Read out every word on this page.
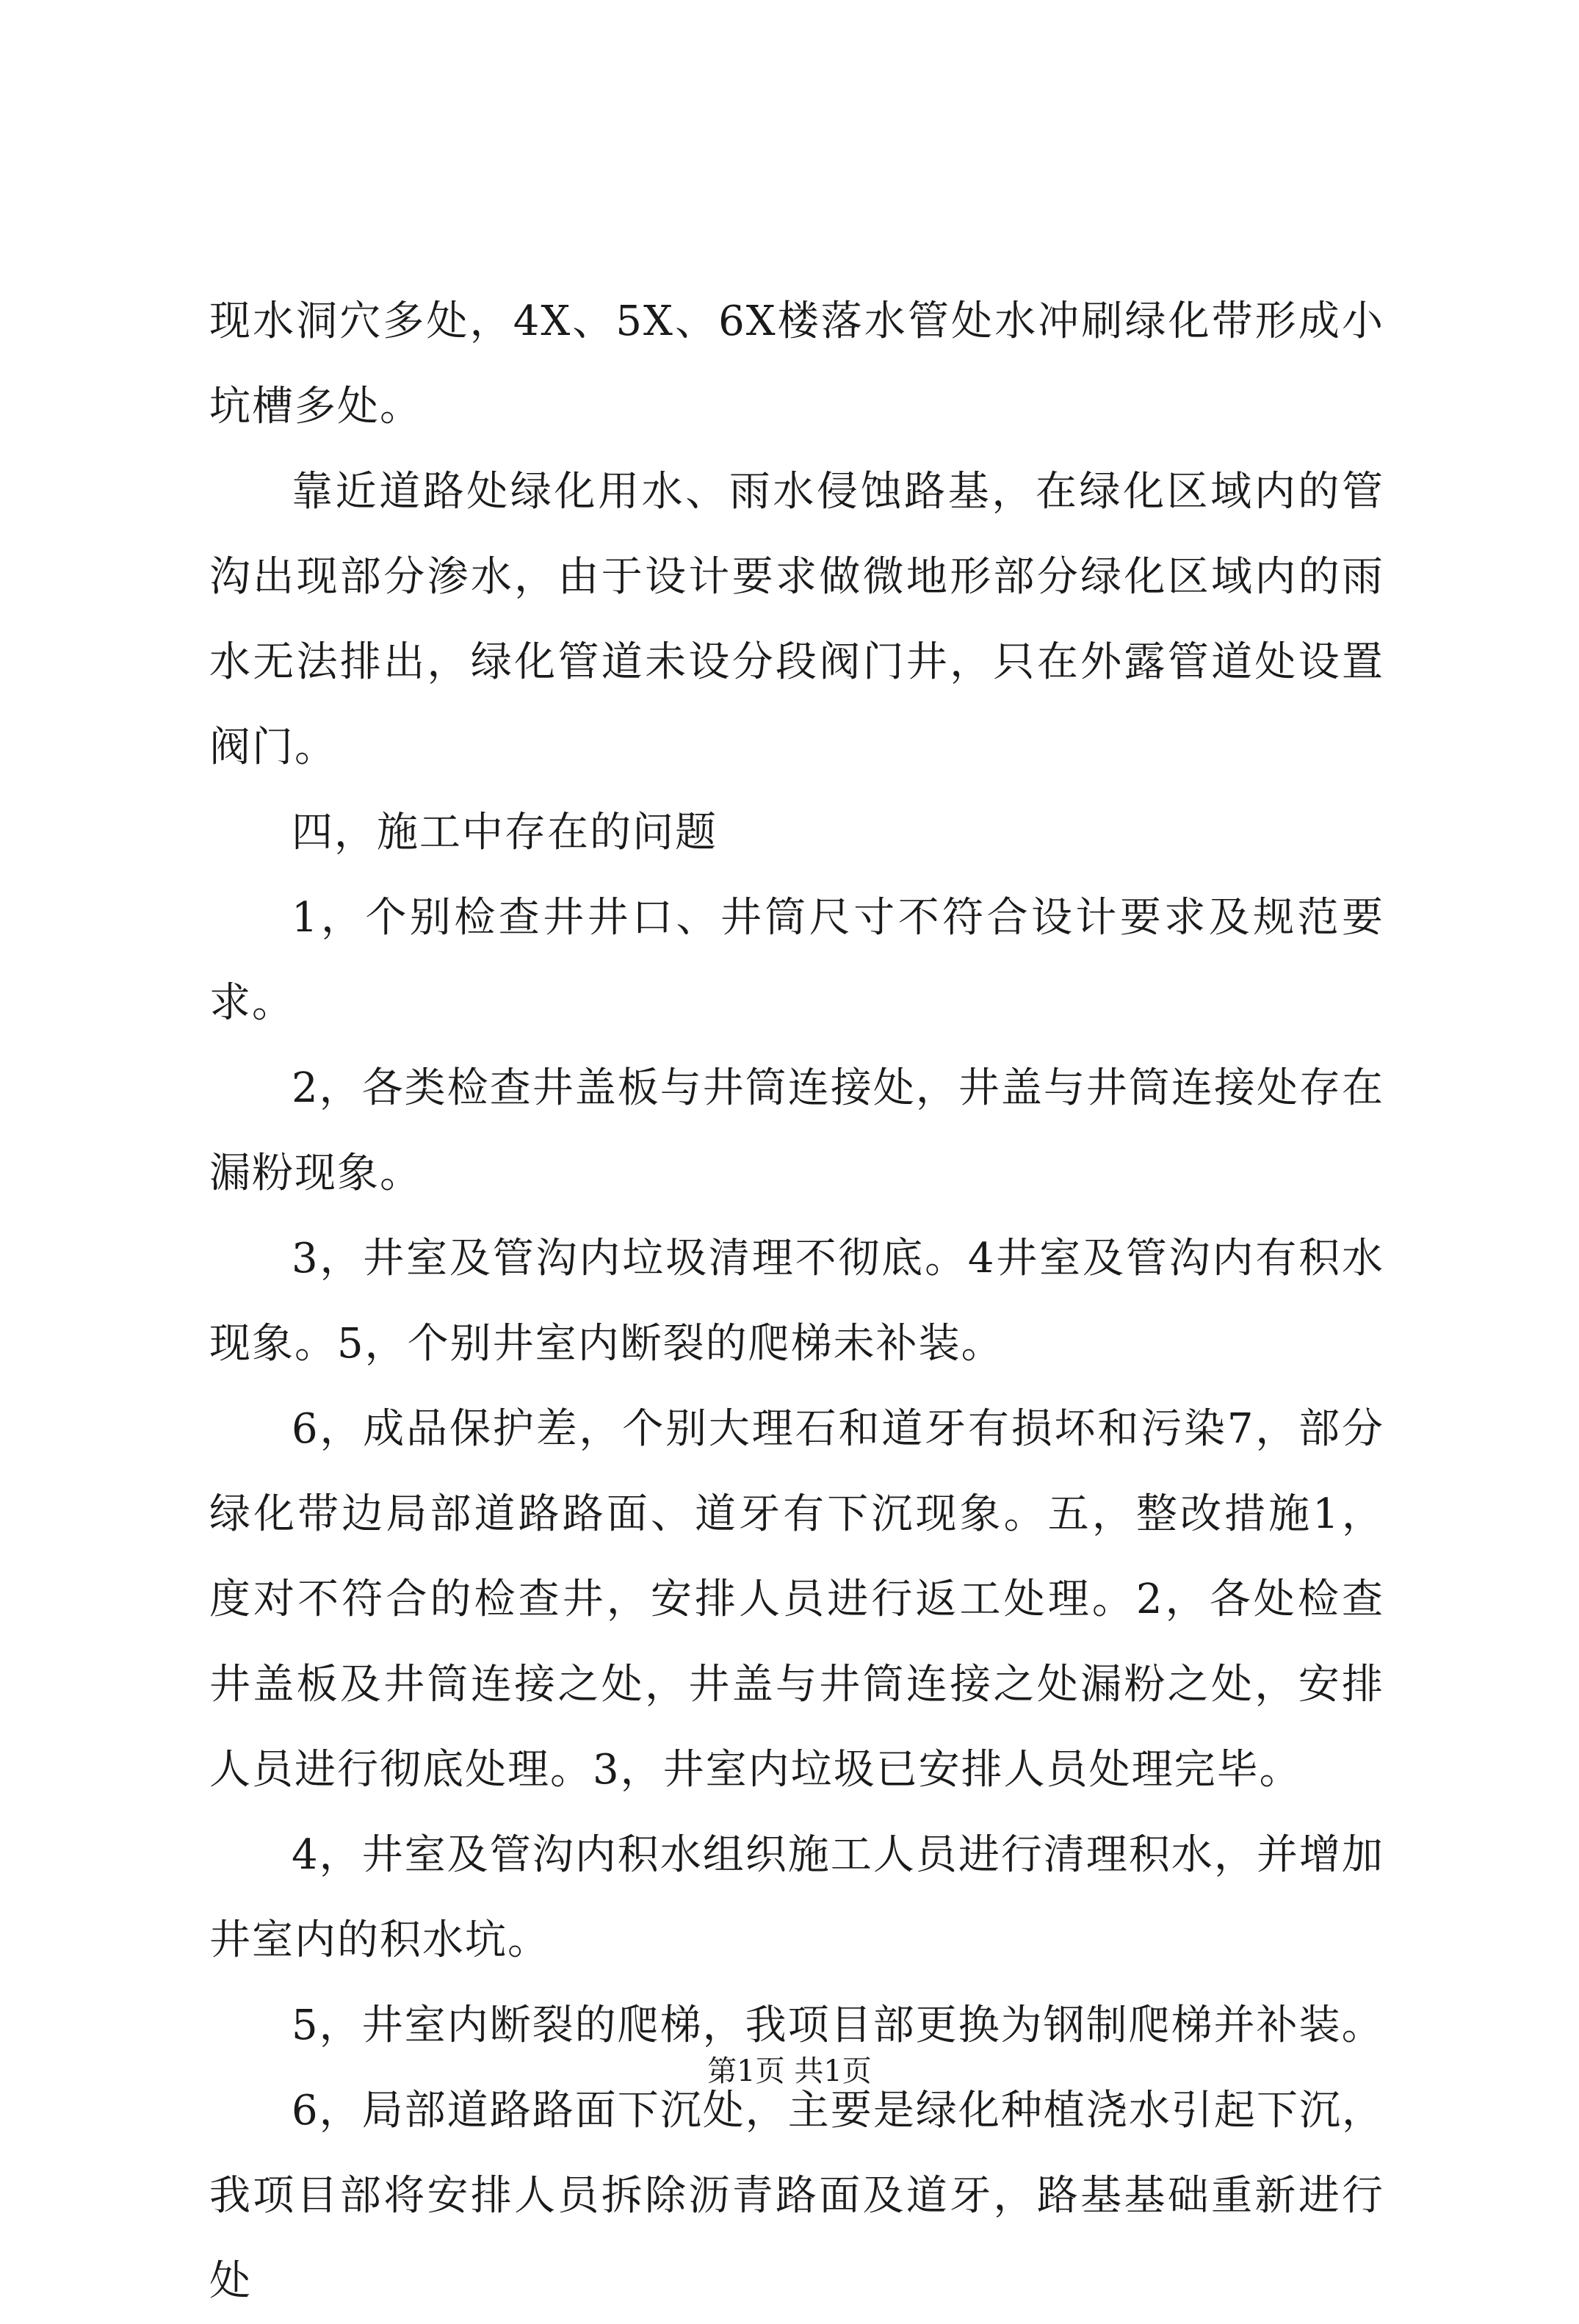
现水洞穴多处，4X、5X、6X楼落水管处水冲刷绿化带形成小坑槽多处。

靠近道路处绿化用水、雨水侵蚀路基，在绿化区域内的管沟出现部分渗水，由于设计要求做微地形部分绿化区域内的雨水无法排出，绿化管道未设分段阀门井，只在外露管道处设置阀门。

四，施工中存在的问题

1，个别检查井井口、井筒尺寸不符合设计要求及规范要求。

2，各类检查井盖板与井筒连接处，井盖与井筒连接处存在漏粉现象。

3，井室及管沟内垃圾清理不彻底。4井室及管沟内有积水现象。5，个别井室内断裂的爬梯未补装。

6，成品保护差，个别大理石和道牙有损坏和污染7，部分绿化带边局部道路路面、道牙有下沉现象。五，整改措施1，度对不符合的检查井，安排人员进行返工处理。2，各处检查井盖板及井筒连接之处，井盖与井筒连接之处漏粉之处，安排人员进行彻底处理。3，井室内垃圾已安排人员处理完毕。

4，井室及管沟内积水组织施工人员进行清理积水，并增加井室内的积水坑。

5，井室内断裂的爬梯，我项目部更换为钢制爬梯并补装。

6，局部道路路面下沉处，主要是绿化种植浇水引起下沉，我项目部将安排人员拆除沥青路面及道牙，路基基础重新进行处

第1页 共1页
